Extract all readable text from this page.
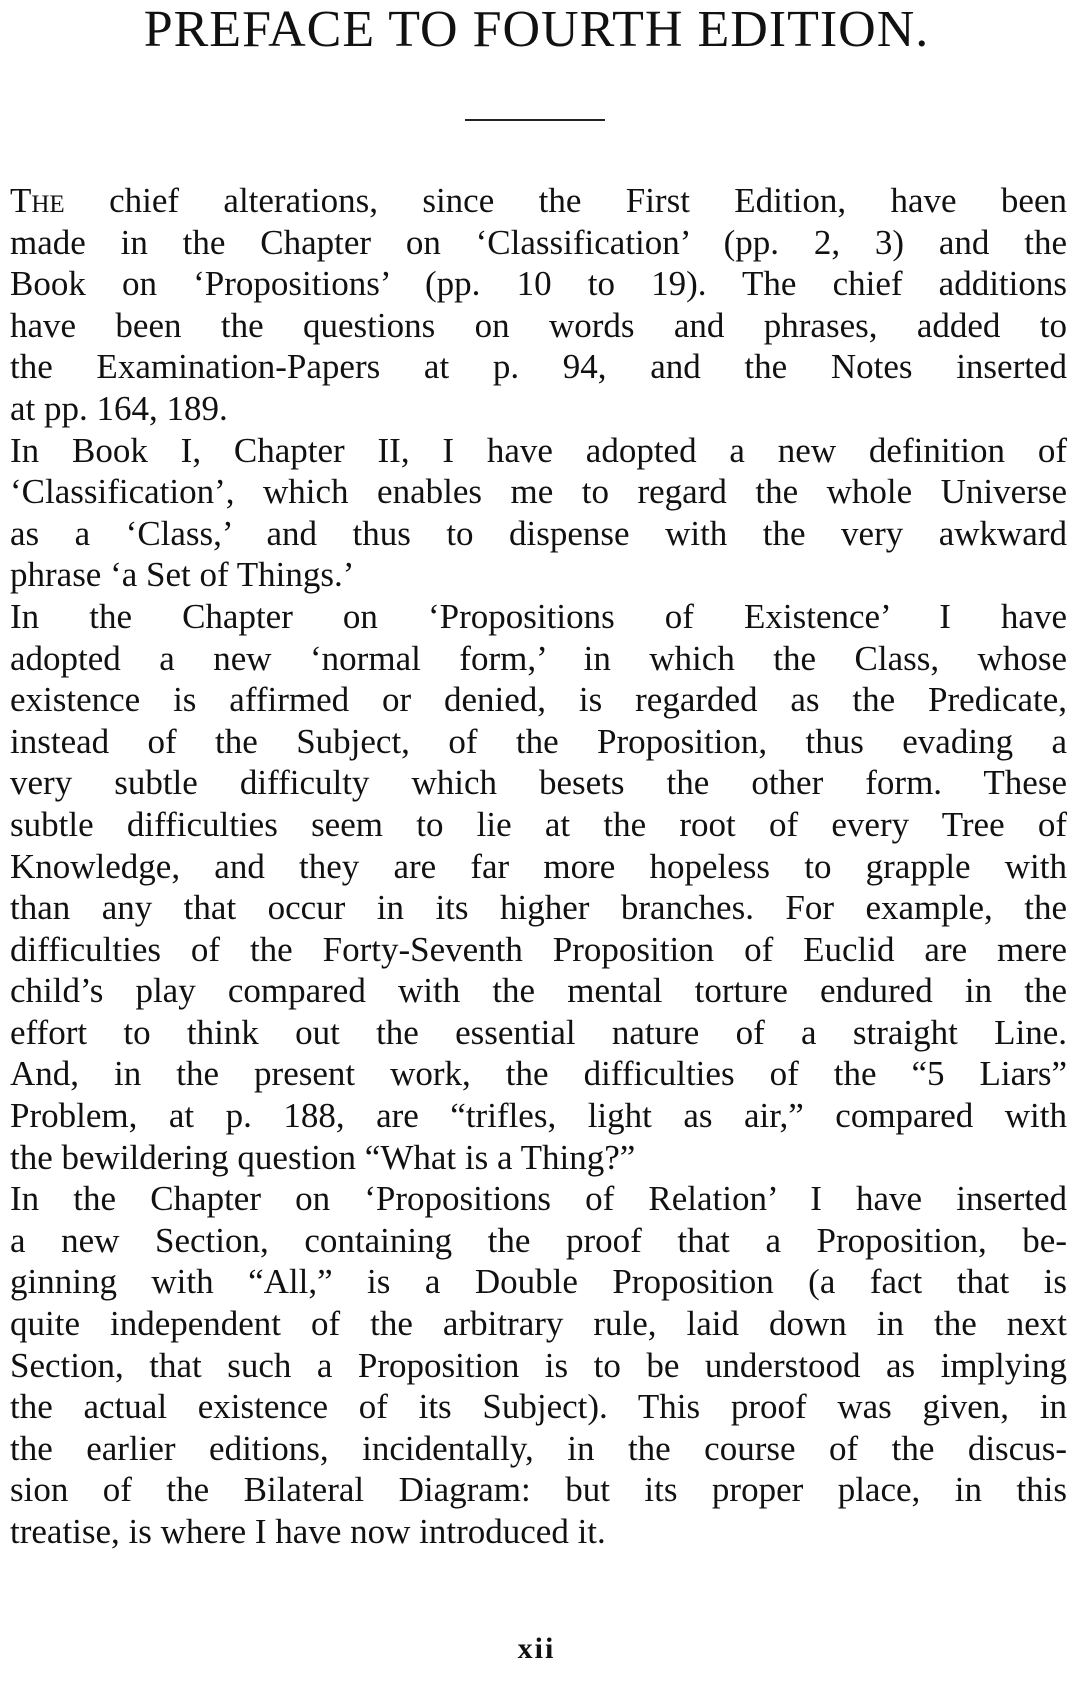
PREFACE TO FOURTH EDITION.
The chief alterations, since the First Edition, have been
made in the Chapter on ‘Classification’ (pp. 2, 3) and the
Book on ‘Propositions’ (pp. 10 to 19). The chief additions
have been the questions on words and phrases, added to
the Examination-Papers at p. 94, and the Notes inserted
at pp. 164, 189.
In Book I, Chapter II, I have adopted a new definition of
‘Classification’, which enables me to regard the whole Universe
as a ‘Class,’ and thus to dispense with the very awkward
phrase ‘a Set of Things.’
In the Chapter on ‘Propositions of Existence’ I have
adopted a new ‘normal form,’ in which the Class, whose
existence is affirmed or denied, is regarded as the Predicate,
instead of the Subject, of the Proposition, thus evading a
very subtle difficulty which besets the other form. These
subtle difficulties seem to lie at the root of every Tree of
Knowledge, and they are far more hopeless to grapple with
than any that occur in its higher branches. For example, the
difficulties of the Forty-Seventh Proposition of Euclid are mere
child’s play compared with the mental torture endured in the
effort to think out the essential nature of a straight Line.
And, in the present work, the difficulties of the “5 Liars”
Problem, at p. 188, are “trifles, light as air,” compared with
the bewildering question “What is a Thing?”
In the Chapter on ‘Propositions of Relation’ I have inserted
a new Section, containing the proof that a Proposition, be-
ginning with “All,” is a Double Proposition (a fact that is
quite independent of the arbitrary rule, laid down in the next
Section, that such a Proposition is to be understood as implying
the actual existence of its Subject). This proof was given, in
the earlier editions, incidentally, in the course of the discus-
sion of the Bilateral Diagram: but its proper place, in this
treatise, is where I have now introduced it.
xii
